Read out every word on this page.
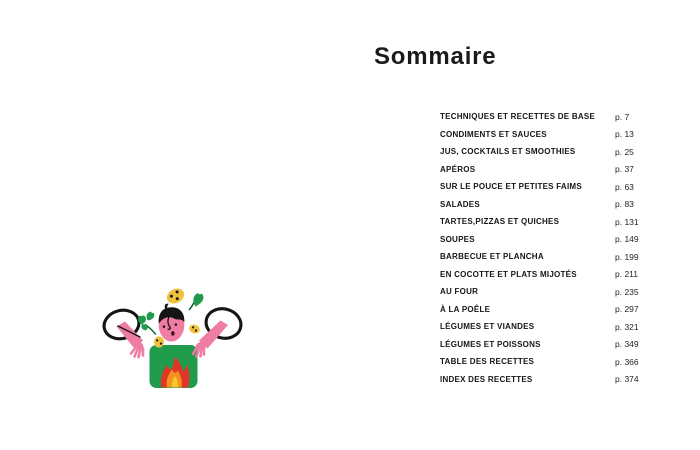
Sommaire
TECHNIQUES ET RECETTES DE BASE	p. 7
CONDIMENTS ET SAUCES	p. 13
JUS, COCKTAILS ET SMOOTHIES	p. 25
APÉROS	p. 37
SUR LE POUCE ET PETITES FAIMS	p. 63
SALADES	p. 83
TARTES,PIZZAS ET QUICHES	p. 131
SOUPES	p. 149
BARBECUE ET PLANCHA	p. 199
EN COCOTTE ET PLATS MIJOTÉS	p. 211
AU FOUR	p. 235
À LA POÊLE	p. 297
LÉGUMES ET VIANDES	p. 321
LÉGUMES ET POISSONS	p. 349
TABLE DES RECETTES	p. 366
INDEX DES RECETTES	p. 374
